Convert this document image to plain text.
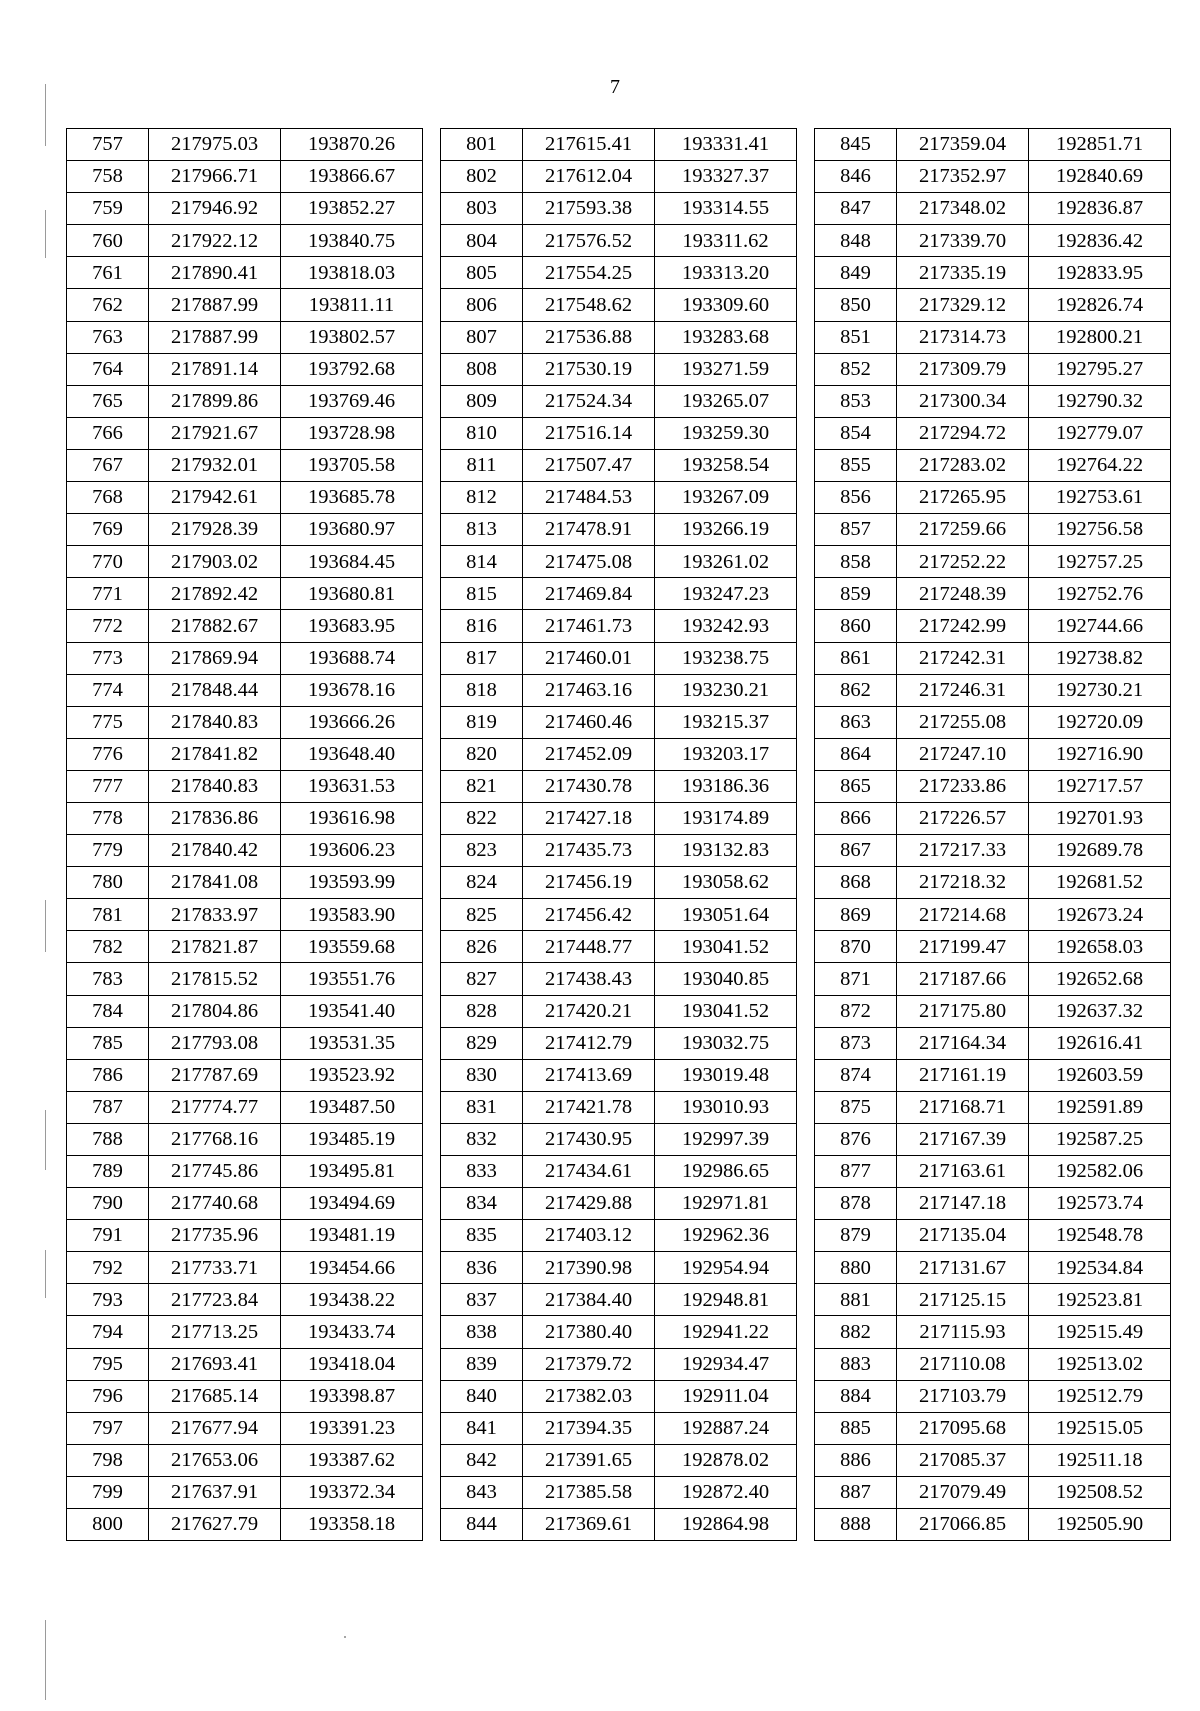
7
757	217975.03	193870.26
758	217966.71	193866.67
759	217946.92	193852.27
760	217922.12	193840.75
761	217890.41	193818.03
762	217887.99	193811.11
763	217887.99	193802.57
764	217891.14	193792.68
765	217899.86	193769.46
766	217921.67	193728.98
767	217932.01	193705.58
768	217942.61	193685.78
769	217928.39	193680.97
770	217903.02	193684.45
771	217892.42	193680.81
772	217882.67	193683.95
773	217869.94	193688.74
774	217848.44	193678.16
775	217840.83	193666.26
776	217841.82	193648.40
777	217840.83	193631.53
778	217836.86	193616.98
779	217840.42	193606.23
780	217841.08	193593.99
781	217833.97	193583.90
782	217821.87	193559.68
783	217815.52	193551.76
784	217804.86	193541.40
785	217793.08	193531.35
786	217787.69	193523.92
787	217774.77	193487.50
788	217768.16	193485.19
789	217745.86	193495.81
790	217740.68	193494.69
791	217735.96	193481.19
792	217733.71	193454.66
793	217723.84	193438.22
794	217713.25	193433.74
795	217693.41	193418.04
796	217685.14	193398.87
797	217677.94	193391.23
798	217653.06	193387.62
799	217637.91	193372.34
800	217627.79	193358.18
801	217615.41	193331.41
802	217612.04	193327.37
803	217593.38	193314.55
804	217576.52	193311.62
805	217554.25	193313.20
806	217548.62	193309.60
807	217536.88	193283.68
808	217530.19	193271.59
809	217524.34	193265.07
810	217516.14	193259.30
811	217507.47	193258.54
812	217484.53	193267.09
813	217478.91	193266.19
814	217475.08	193261.02
815	217469.84	193247.23
816	217461.73	193242.93
817	217460.01	193238.75
818	217463.16	193230.21
819	217460.46	193215.37
820	217452.09	193203.17
821	217430.78	193186.36
822	217427.18	193174.89
823	217435.73	193132.83
824	217456.19	193058.62
825	217456.42	193051.64
826	217448.77	193041.52
827	217438.43	193040.85
828	217420.21	193041.52
829	217412.79	193032.75
830	217413.69	193019.48
831	217421.78	193010.93
832	217430.95	192997.39
833	217434.61	192986.65
834	217429.88	192971.81
835	217403.12	192962.36
836	217390.98	192954.94
837	217384.40	192948.81
838	217380.40	192941.22
839	217379.72	192934.47
840	217382.03	192911.04
841	217394.35	192887.24
842	217391.65	192878.02
843	217385.58	192872.40
844	217369.61	192864.98
845	217359.04	192851.71
846	217352.97	192840.69
847	217348.02	192836.87
848	217339.70	192836.42
849	217335.19	192833.95
850	217329.12	192826.74
851	217314.73	192800.21
852	217309.79	192795.27
853	217300.34	192790.32
854	217294.72	192779.07
855	217283.02	192764.22
856	217265.95	192753.61
857	217259.66	192756.58
858	217252.22	192757.25
859	217248.39	192752.76
860	217242.99	192744.66
861	217242.31	192738.82
862	217246.31	192730.21
863	217255.08	192720.09
864	217247.10	192716.90
865	217233.86	192717.57
866	217226.57	192701.93
867	217217.33	192689.78
868	217218.32	192681.52
869	217214.68	192673.24
870	217199.47	192658.03
871	217187.66	192652.68
872	217175.80	192637.32
873	217164.34	192616.41
874	217161.19	192603.59
875	217168.71	192591.89
876	217167.39	192587.25
877	217163.61	192582.06
878	217147.18	192573.74
879	217135.04	192548.78
880	217131.67	192534.84
881	217125.15	192523.81
882	217115.93	192515.49
883	217110.08	192513.02
884	217103.79	192512.79
885	217095.68	192515.05
886	217085.37	192511.18
887	217079.49	192508.52
888	217066.85	192505.90
